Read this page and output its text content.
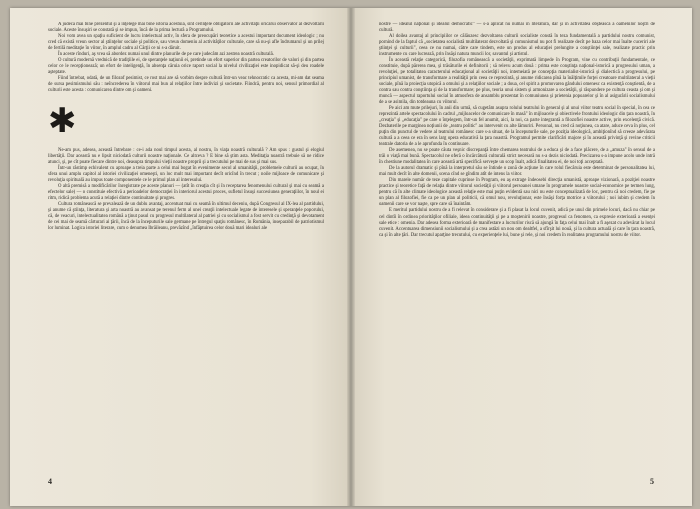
A judeca mai bine prezentul şi a înţelege mai bine istoria acestuia, sînt cerinţele obligatorii ale activităţii oricărui observator al dezvoltării sociale. Aceste însuşiri se constată şi se impun, încă de la prima lectură a Programului.

Noi vom avea un spaţiu suficient de lucru intelectual activ, în sfera de preocupări teoretice a acestui important document ideologic ; nu cred că există vreun sector al ştiinţelor sociale şi politice, sau vreun domeniu al activităţilor culturale, care să nu-şi afle îndrumarul şi un prilej de fertilă meditaţie în viitor, în amplul cadru al Cărţii ce ni s-a dăruit.

În aceste rînduri, aş vrea să abordez numai unul dintre planurile de pe care judecăm azi zestrea noastră culturală.

O cultură modernă vrednică de tradiţiile ei, de speranţele naţiunii ei, pretinde un efort superior din partea creatorilor de valori şi din partea celor ce le recepţionează; un efort de inteligenţă, în absenţa căruia orice raport social la nivelul civilizaţiei este inopidicat să-şi deu roadele aşteptate.

Fiind întrebat, odată, de un filozof pesimist, ce rost mai are să vorbim despre cultură într-un veac tehnocratic ca acesta, mi-am dat seama de sursa pesimismului său : neîncrederea în viitorul mai bun al relaţiilor între indivizi şi societate. Fiindcă, pentru noi, sensul primordial al culturii este acesta : comunicarea dintre om şi oameni.

✱

Ne-am pus, adesea, această întrebare : ce-i ada noul timpul acesta, al nostru, în viaţa noastră culturală ? Am spus : gustul şi elogiul libertăţii. Dar această nu e lipsit niciodată culturii noastre naţionale. Ce altceva ? E bine să ştim asta. Meditaţia noastră trebuie să ne ridice atunci, şi, pe cît poate fiecare dintre noi, deasupra timpului vieţii noastre proprii şi a trecutului pe mai de sus şi mai sus.

Într-un răstimp echivalent cu aproape a treia parte a celui mai bogat în evenimente secol al umanităţii, problemele culturii au ocupat, în sfera unui amplu capitol al istoriei civilizaţiei omeneşti, un loc mult mai important decît oricînd în trecut ; noile mijloace de comunicare şi revoluţia spirituală au impus toate componentele ce le primul plan al interesului.

O altă premisă a modificărilor înregistrate pe aceste planuri — (atît în creaţia cît şi în receptarea fenomenului cultural şi mai cu seamă a efectelor sale) — o constituie efectivă a perioadelor democraţiei în interiorul acestui proces, sufletul însuşi succesiunea generaţiilor, în noul ei ritm, ridică problema acută a relaţiei dintre continuitate şi progres.

Cultura românească se prevalează de un dublu avantaj, accentuat mai cu seamă în ultimul deceniu, după Congresul al IX-lea al partidului, şi anume că ştiinţa, literatura şi arta noastră au avansat pe terenul ferm al unei creaţii intelectuale legate de interesele şi speranţele poporului, că, de veacuri, intelectualitatea română a ţinut pasul cu progresul multilateral al patriei şi cu socialismul a fost servit cu credinţă şi devotament de cei mai de seamă cărturari ai ţării, încă de la începuturile sale germane pe întregul spaţiu românesc, în România, inseparabil de patriotismul lor luminat. Logica istoriei literare, cum o denumea Ibrăileanu, prevăzînd „înfăptuirea celor două mari idealuri ale

4

nostre — idealul naţional şi idealul democratic" — s-a aplicat nu numai în literatura, dar şi în activitatea obştească a oamenilor noştri de cultură.

Al doilea avantaj al principiilor ce călăuzesc dezvoltarea culturii socialiste constă în teza fundamentală a partidului nostru comunist, pornind de la faptul că „societatea socialistă multilaterat dezvoltată şi comunismul nu pot fi realizate decît pe baza celor mai înalte cuceriri ale ştiinţei şi culturii", ceea ce nu numai, către care tindem, este un produs al educaţiei prelungite a conştiinţei sale, realizate practic prin instrumente cu care lucrează, prin însăşi natura muncii lor, savantul şi artistul.

În această relaţie categorică, filozofia românească a societăţii, exprimată limpede în Program, vine cu contribuţii fundamentale, ce constituie, după părerea mea, şi trăsăturile ei definitorii ; să relevu acum două : prima este conştinţa naţional-istorică a progresului uman, a revoluţiei, pe totalitatea caracterului educaţional al societăţii noi, intemeiată pe concepţia materialist-istorică şi dialectică a progresului, pe principiul umanist, de transformare a realităţii prin ceea ce reprezintă, şi anume ridicarea pînă la înălţimile forţei creatoare multilateral a vieţii sociale, pînă la proiecţia utopică a omului şi a relaţiilor sociale ; a doua, cel spirit a promovarea gândului omenesc ca existenţă conştientă, de a contra sau contra conştiinţa şi de la transformare; pe plus, teoria unui sistem şi armonizare a societăţii, şi răspundere pe cultura ceasta şi om şi muncă — aspectul raportului social în atmosfera de ansamblu prezentat în comuniunea şi prietenia popoarelor şi în al asigurării socialismului de a se asimila, din totdeauna cu viitorul.

Pe aici am mute prilejuri, în anii din urmă, să cugetăm asupra rolului teatrului în general şi al unui viitor teatru social în special, în cea ce reprezintă artele spectacolului în cadrul „mijloacelor de comunicare în masă" în mijloacele şi obiectivele frontului ideologic din ţara noastră, în „creaţia" şi „educaţia" pe care o înţelegem, într-un fel anumit, aici, la noi, ca parte integrantă a filozofiei noastre active, prin excelenţă civică. Dezbaterile pe marginea noţiunii de „teatru politic" au intervenit cu alte lămuriri. Personal, nu cred că noţiunea, ca atare, aduce ceva în plus, cel puţin din punctul de vedere al teatrului românesc care s-a situat, de la începuturile sale, pe poziţia ideologică, ambiţionînd să creeze adevărata cultură a a ceea ce era în sens larg opera educativă la ţara noastră. Programul permite clarificări majore şi în această privinţă şi revine criticii teatrale datoria de a le aprofunda în continuare.

De asemenea, nu se poate căuta veşnic discrepanţă între chemarea teatrului de a educa şi de a face plăcere, de a „amuza" în sensul de a trăi o viaţă mai bună. Spectacolul ne oferă o încărcătură culturală strict necesară nu s-a dezis niciodată. Precizarea s-a impune acolo unde intră în chestiune modalitatea în care această artă specifică serveşte un scop înalt, adică finalitatea ei, de noi toţi acceptată.

De la autorul dramatic şi pînă la interpretul său se întinde o zonă de acţiune în care rolul fiecăruia este determinat de personalitatea lui, mai mult decît în alte domenii, scena cînd se gîndim atît de intens la viitor.

Din marele număr de teze capitale cuprinse în Program, eu aş extrage îndeosebi direcţia umanistă, aproape vizionară, a poziţiei noastre practice şi teoretice faţă de relaţia dintre viitorul societăţii şi viitorul persoanei umane în programele noastre social-economice pe termen lung, pentru că în alte climate ideologice această relaţie este mai puţin evidentă sau nici nu este conceptualizată de loc, pentru că noi credem, fie pe un plan al filozofiei, fie ca pe un plan al politicii, că omul nou, revoluţionar, este însăşi forţa motrice a viitorului ; noi iubim şi credem în oamenii care se vor naşte, spre care să înaintăm.

E meritul partidului nostru de a fi relevat în considerare şi a fi plasat la locul cuvenit, adică pe unul din primele locuri, dacă nu chiar pe cel dintîi în ordinea priorităţilor ofiliale, ideea continuităţii şi pe a moştenirii noastre, progresul ca fenomen, ca expresie exterioară a esenţei sale etice : omenia. Dar adesea forma exterioară de manifestare a lucrurilor riscă să ajungă în faţa celui mai înalt a fi aşezat cu adevărat la locul cuvenit. Accentuarea dimensiunii socialismului şi a crea astăzi un nou om dealtfel, a sfîrşit lui nouă, şi la cultura actuală şi care în ţara noastră, ca şi în alte ţări. Dar trecutul aparţine trecutului, cu experienţele lui, bune şi rele, şi noi credem în realitatea programului nostru de viitor.

5
